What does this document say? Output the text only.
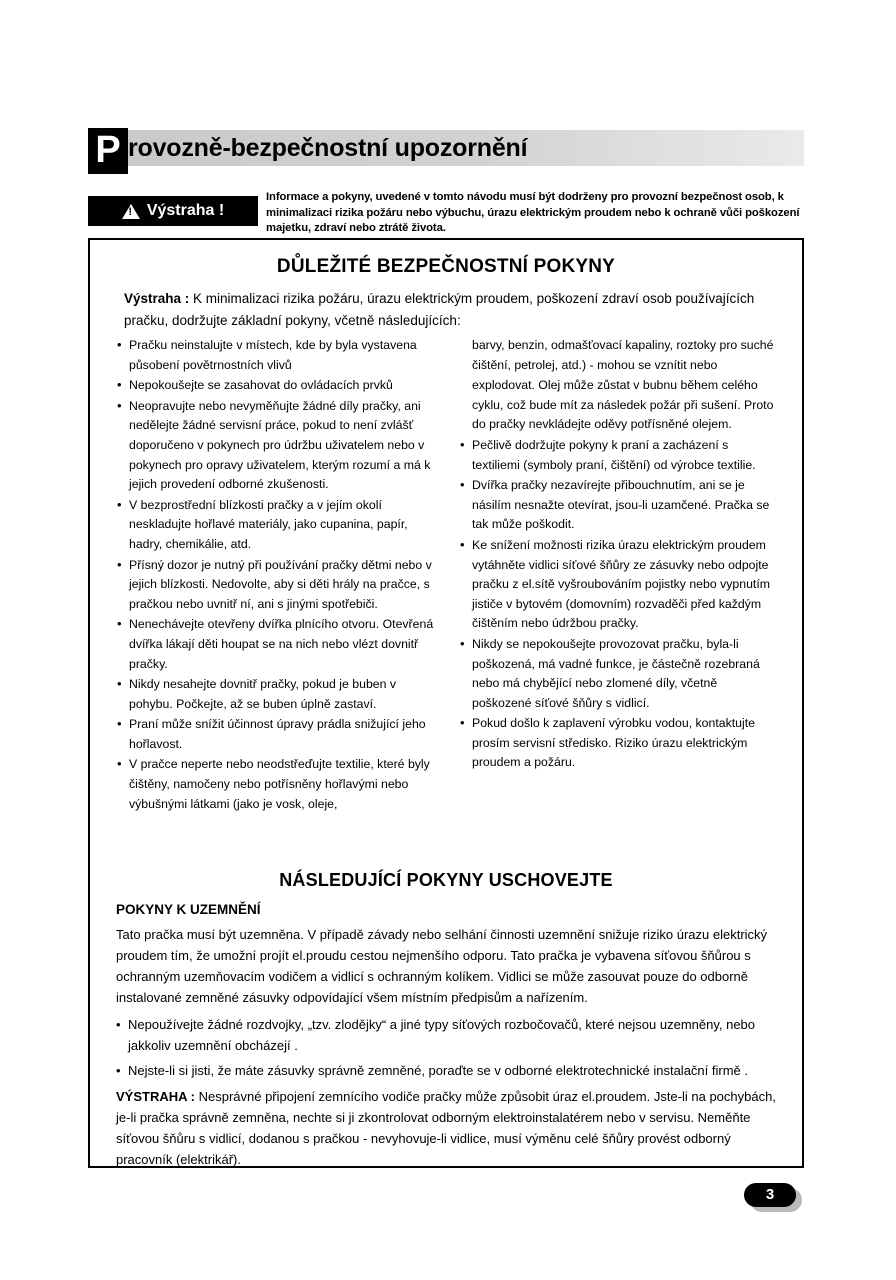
P rovozně-bezpečnostní upozornění
!
Výstraha !
Informace a pokyny, uvedené v tomto návodu musí být dodrženy pro provozní bezpečnost osob, k minimalizaci rizika požáru nebo výbuchu, úrazu elektrickým proudem nebo k ochraně vůči poškození majetku, zdraví nebo ztrátě života.
DŮLEŽITÉ BEZPEČNOSTNÍ POKYNY
Výstraha : K minimalizaci rizika požáru, úrazu elektrickým proudem, poškození zdraví osob používajících pračku, dodržujte základní pokyny, včetně následujících:
• Pračku neinstalujte v místech, kde by byla vystavena působení povětrnostních vlivů
• Nepokoušejte se zasahovat do ovládacích prvků
• Neopravujte nebo nevyměňujte žádné díly pračky, ani nedělejte žádné servisní práce, pokud to není zvlášť doporučeno v pokynech pro údržbu uživatelem nebo v pokynech pro opravy uživatelem, kterým rozumí a má k jejich provedení odborné zkušenosti.
• V bezprostřední blízkosti pračky a v jejím okolí neskladujte hořlavé materiály, jako cupanina, papír, hadry, chemikálie, atd.
• Přísný dozor je nutný při používání pračky dětmi nebo v jejich blízkosti. Nedovolte, aby si děti hrály na pračce, s pračkou nebo uvnitř ní, ani s jinými spotřebiči.
• Nenechávejte otevřeny dvířka plnícího otvoru. Otevřená dvířka lákají děti houpat se na nich nebo vlézt dovnitř pračky.
• Nikdy nesahejte dovnitř pračky, pokud je buben v pohybu. Počkejte, až se buben úplně zastaví.
• Praní může snížit účinnost úpravy prádla snižující jeho hořlavost.
• V pračce neperte nebo neodstřeďujte textilie, které byly čištěny, namočeny nebo potřísněny hořlavými nebo výbušnými látkami (jako je vosk, oleje,
barvy, benzin, odmašťovací kapaliny, roztoky pro suché čištění, petrolej, atd.) - mohou se vznítit nebo
explodovat. Olej může zůstat v bubnu během celého cyklu, což bude mít za následek požár při sušení. Proto do pračky nevkládejte oděvy potřísněné olejem.
• Pečlivě dodržujte pokyny k praní a zacházení s textiliemi (symboly praní, čištění) od výrobce textilie.
• Dvířka pračky nezavírejte přibouchnutím, ani se je násilím nesnažte otevírat, jsou-li uzamčené. Pračka se tak může poškodit.
• Ke snížení možnosti rizika úrazu elektrickým proudem vytáhněte vidlici síťové šňůry ze zásuvky nebo odpojte pračku z el.sítě vyšroubováním pojistky nebo vypnutím jističe v bytovém (domovním) rozvaděči před každým čištěním nebo údržbou pračky.
• Nikdy se nepokoušejte provozovat pračku, byla-li poškozená, má vadné funkce, je částečně rozebraná nebo má chybějící nebo zlomené díly, včetně poškozené síťové šňůry s vidlicí.
• Pokud došlo k zaplavení výrobku vodou, kontaktujte prosím servisní středisko. Riziko úrazu elektrickým proudem a požáru.
NÁSLEDUJÍCÍ POKYNY USCHOVEJTE
POKYNY K UZEMNĚNÍ
Tato pračka musí být uzemněna. V případě závady nebo selhání činnosti uzemnění snižuje riziko úrazu elektrický proudem tím, že umožní projít el.proudu cestou nejmenšího odporu. Tato pračka je vybavena síťovou šňůrou s ochranným uzemňovacím vodičem a vidlicí s ochranným kolíkem. Vidlici se může zasouvat pouze do odborně instalované zemněné zásuvky odpovídající všem místním předpisům a nařízením.

• Nepoužívejte žádné rozdvojky, „tzv. zlodějky“ a jiné typy síťových rozbočovačů, které nejsou uzemněny, nebo jakkoliv uzemnění obcházejí .

• Nejste-li si jisti, že máte zásuvky správně zemněné, poraďte se v odborné elektrotechnické instalační firmě .

VÝSTRAHA : Nesprávné připojení zemnícího vodiče pračky může způsobit úraz el.proudem. Jste-li na pochybách, je-li pračka správně zemněna, nechte si ji zkontrolovat odborným elektroinstalatérem nebo v servisu. Neměňte síťovou šňůru s vidlicí, dodanou s pračkou - nevyhovuje-li vidlice, musí výměnu celé šňůry provést odborný pracovník (elektrikář).
3
